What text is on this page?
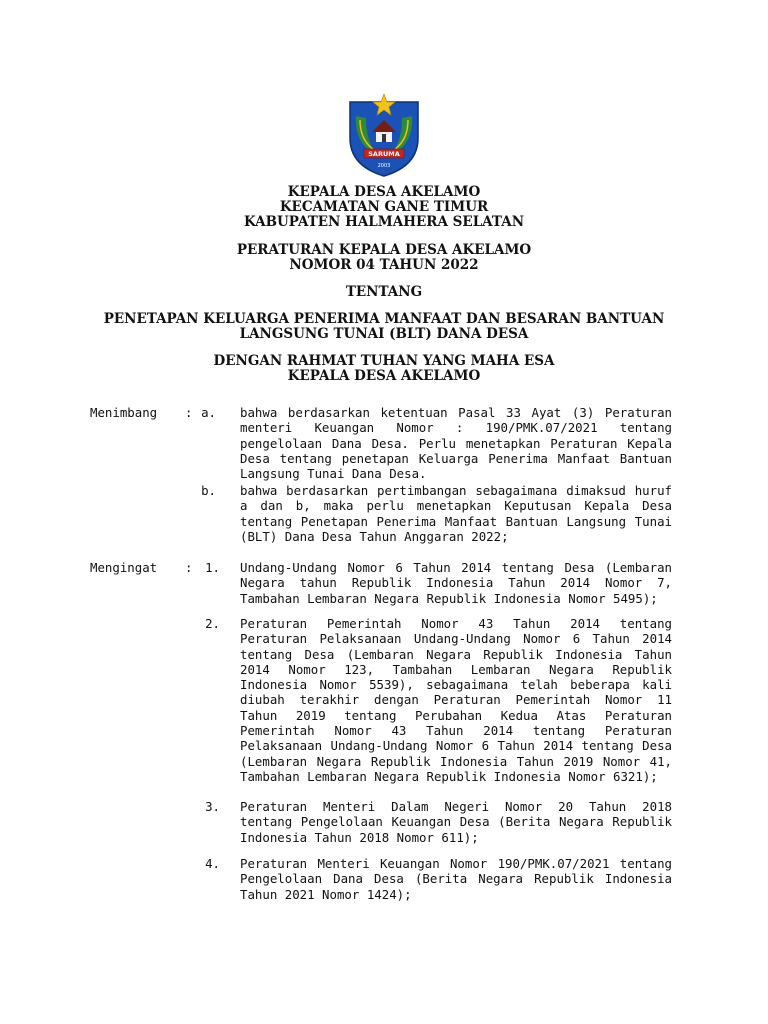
SARUMA
2003
KEPALA DESA AKELAMO
KECAMATAN GANE TIMUR
KABUPATEN HALMAHERA SELATAN
PERATURAN KEPALA DESA AKELAMO
NOMOR 04 TAHUN 2022
TENTANG
PENETAPAN KELUARGA PENERIMA MANFAAT DAN BESARAN BANTUAN
LANGSUNG TUNAI (BLT) DANA DESA
DENGAN RAHMAT TUHAN YANG MAHA ESA
KEPALA DESA AKELAMO
Menimbang : a. bahwa berdasarkan ketentuan Pasal 33 Ayat (3) Peraturan menteri Keuangan Nomor : 190/PMK.07/2021 tentang pengelolaan Dana Desa. Perlu menetapkan Peraturan Kepala Desa tentang penetapan Keluarga Penerima Manfaat Bantuan Langsung Tunai Dana Desa.
b. bahwa berdasarkan pertimbangan sebagaimana dimaksud huruf a dan b, maka perlu menetapkan Keputusan Kepala Desa tentang Penetapan Penerima Manfaat Bantuan Langsung Tunai (BLT) Dana Desa Tahun Anggaran 2022;
Mengingat :	1. Undang-Undang Nomor 6 Tahun 2014 tentang Desa (Lembaran Negara tahun Republik Indonesia Tahun 2014 Nomor 7, Tambahan Lembaran Negara Republik Indonesia Nomor 5495);
2. Peraturan Pemerintah Nomor 43 Tahun 2014 tentang Peraturan Pelaksanaan Undang-Undang Nomor 6 Tahun 2014 tentang Desa (Lembaran Negara Republik Indonesia Tahun 2014 Nomor 123, Tambahan Lembaran Negara Republik Indonesia Nomor 5539), sebagaimana telah beberapa kali diubah terakhir dengan Peraturan Pemerintah Nomor 11 Tahun 2019 tentang Perubahan Kedua Atas Peraturan Pemerintah Nomor 43 Tahun 2014 tentang Peraturan Pelaksanaan Undang-Undang Nomor 6 Tahun 2014 tentang Desa (Lembaran Negara Republik Indonesia Tahun 2019 Nomor 41, Tambahan Lembaran Negara Republik Indonesia Nomor 6321);
3. Peraturan Menteri Dalam Negeri Nomor 20 Tahun 2018 tentang Pengelolaan Keuangan Desa (Berita Negara Republik Indonesia Tahun 2018 Nomor 611);
4. Peraturan Menteri Keuangan Nomor 190/PMK.07/2021 tentang Pengelolaan Dana Desa (Berita Negara Republik Indonesia Tahun 2021 Nomor 1424);
